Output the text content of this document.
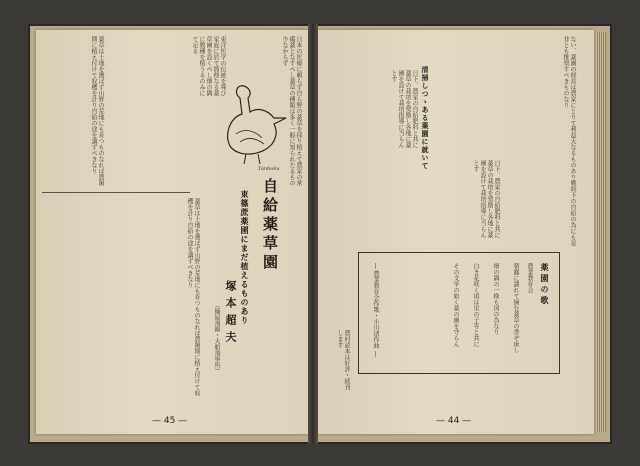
日本の医療に頼らず自ら野の薬草を採り植えて農家の常備薬となすべし薬草の種類は多く一般に知られたるもの少なからず
東洋医学の伝統を尊び家庭に於て簡便なる薬草園を設くべし畑の隅に数種を植うるのみにて足る
薬草は土地を選ばず山野の荒地にも育つものなれば農閑期に植え付けて収穫を計り自給の途を講ずべきなり	Tanboku
自給薬草園
東篠蔗薬圃にまだ植えるものあり
塚本超夫
（篠屋飛錦・大船飛寧所）
薬草は土地を選ばず山野の荒地にも育つものなれば農閑期に植え付けて収穫を計り自給の途を講ずべきなり
— 45 —
ない、薬園の経営は農家にとりて利益大なるものあり戦時下の自給の為にも是非とも推奨すべきものなり
清掃しつゝある薬園に就いて
日下、農家の自給肥料と共に薬草の栽培を奨励し各地に薬園を設けて栽培指導に当らんとす
日下、農家の自給肥料と共に薬草の栽培を奨励し各地に薬園を設けて栽培指導に当らんとす
薬園の歌
農業教育会
朝露に濡れて摘む薬草の香ぞ床し
畑の隅の一株も国の為なり
白き花咲く頃は里の子等と共に
その文字の如く薬の園を守らん
― 農業教育会作歌・小川清作曲 ―
農村読本は好評・続刊します
— 44 —
